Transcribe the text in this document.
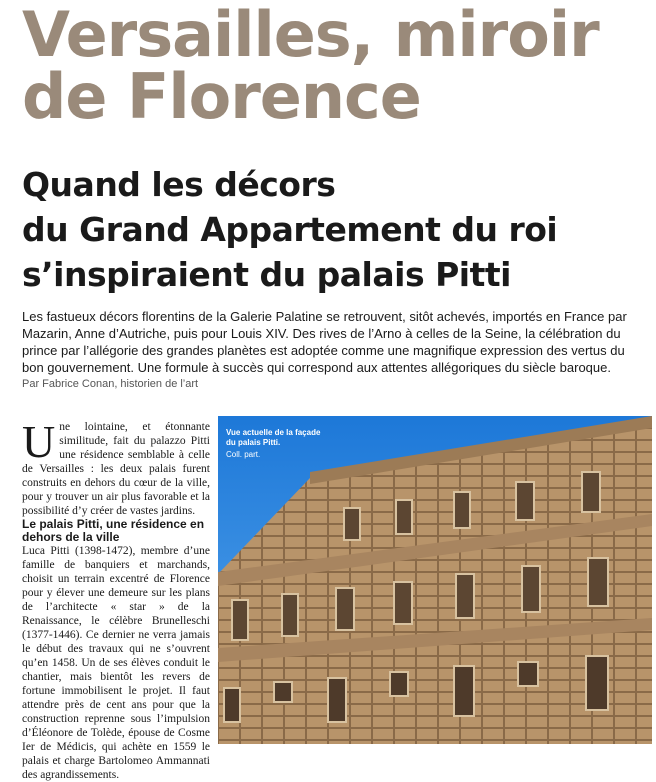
Versailles, miroir
de Florence
Quand les décors
du Grand Appartement du roi
s’inspiraient du palais Pitti

Les fastueux décors florentins de la Galerie Palatine se retrouvent, sitôt achevés, importés en France par Mazarin, Anne d’Autriche, puis pour Louis XIV. Des rives de l’Arno à celles de la Seine, la célébration du prince par l’allégorie des grandes planètes est adoptée comme une magnifique expression des vertus du bon gouvernement. Une formule à succès qui correspond aux attentes allégoriques du siècle baroque.

Par Fabrice Conan, historien de l’art

Une lointaine, et étonnante similitude, fait du palazzo Pitti une résidence semblable à celle de Versailles : les deux palais furent construits en dehors du cœur de la ville, pour y trouver un air plus favorable et la possibilité d’y créer de vastes jardins.

Le palais Pitti, une résidence en dehors de la ville

Luca Pitti (1398-1472), membre d’une famille de banquiers et marchands, choisit un terrain excentré de Florence pour y élever une demeure sur les plans de l’architecte « star » de la Renaissance, le célèbre Brunelleschi (1377-1446). Ce dernier ne verra jamais le début des travaux qui ne s’ouvrent qu’en 1458. Un de ses élèves conduit le chantier, mais bientôt les revers de fortune immobilisent le projet. Il faut attendre près de cent ans pour que la construction reprenne sous l’impulsion d’Éléonore de Tolède, épouse de Cosme Ier de Médicis, qui achète en 1559 le palais et charge Bartolomeo Ammannati des agrandissements.

Vue actuelle de la façade
du palais Pitti.
Coll. part.
